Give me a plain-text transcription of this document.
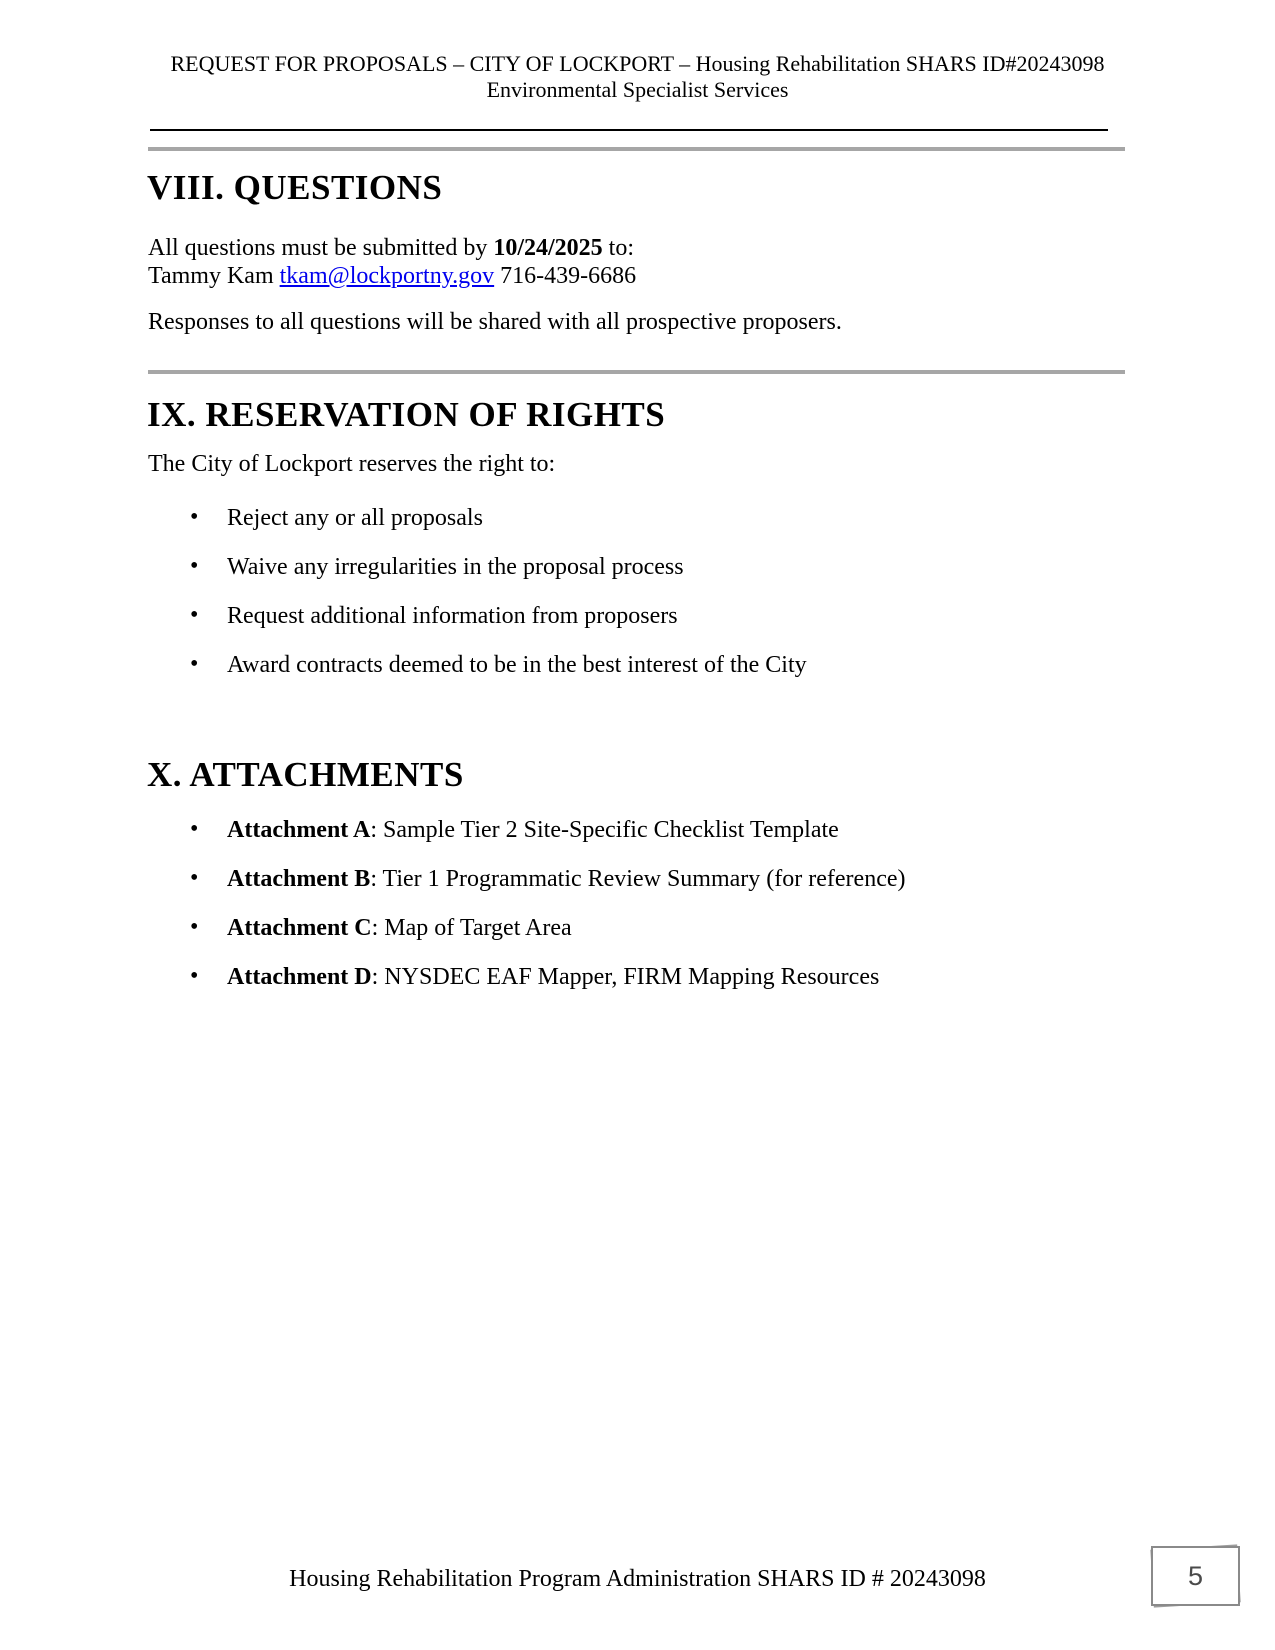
REQUEST FOR PROPOSALS – CITY OF LOCKPORT – Housing Rehabilitation SHARS ID#20243098
Environmental Specialist Services
VIII. QUESTIONS
All questions must be submitted by 10/24/2025 to:
Tammy Kam tkam@lockportny.gov 716-439-6686
Responses to all questions will be shared with all prospective proposers.
IX. RESERVATION OF RIGHTS
The City of Lockport reserves the right to:
• Reject any or all proposals
• Waive any irregularities in the proposal process
• Request additional information from proposers
• Award contracts deemed to be in the best interest of the City
X. ATTACHMENTS
• Attachment A: Sample Tier 2 Site-Specific Checklist Template
• Attachment B: Tier 1 Programmatic Review Summary (for reference)
• Attachment C: Map of Target Area
• Attachment D: NYSDEC EAF Mapper, FIRM Mapping Resources
Housing Rehabilitation Program Administration SHARS ID # 20243098	5
